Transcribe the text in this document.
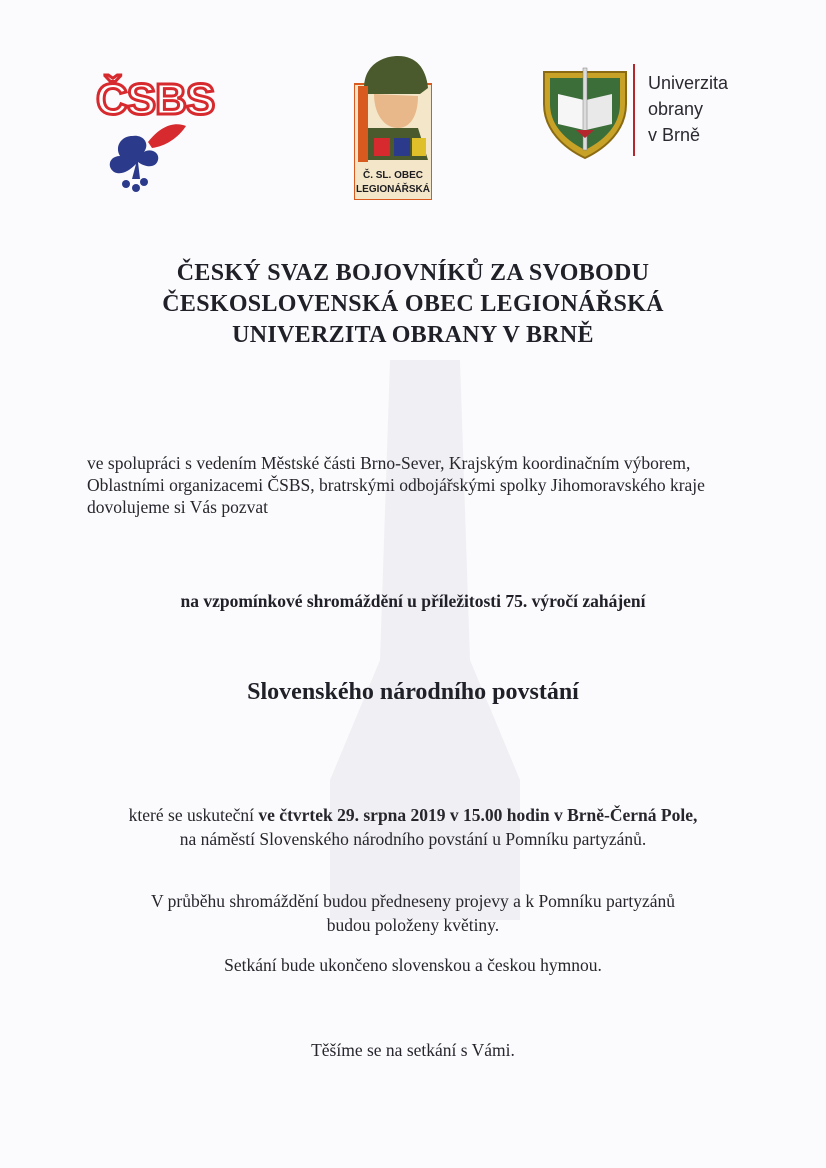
ČSBS
Č. SL. OBEC
LEGIONÁŘSKÁ
Univerzita
obrany
v Brně
ČESKÝ SVAZ BOJOVNÍKŮ ZA SVOBODU
ČESKOSLOVENSKÁ OBEC LEGIONÁŘSKÁ
UNIVERZITA OBRANY V BRNĚ
ve spolupráci s vedením Městské části Brno-Sever, Krajským koordinačním výborem,
Oblastními organizacemi ČSBS, bratrskými odbojářskými spolky Jihomoravského kraje
dovolujeme si Vás pozvat
na vzpomínkové shromáždění u příležitosti 75. výročí zahájení
Slovenského národního povstání
které se uskuteční ve čtvrtek 29. srpna 2019 v 15.00 hodin v Brně-Černá Pole,
na náměstí Slovenského národního povstání u Pomníku partyzánů.
V průběhu shromáždění budou předneseny projevy a k Pomníku partyzánů
budou položeny květiny.
Setkání bude ukončeno slovenskou a českou hymnou.
Těšíme se na setkání s Vámi.
